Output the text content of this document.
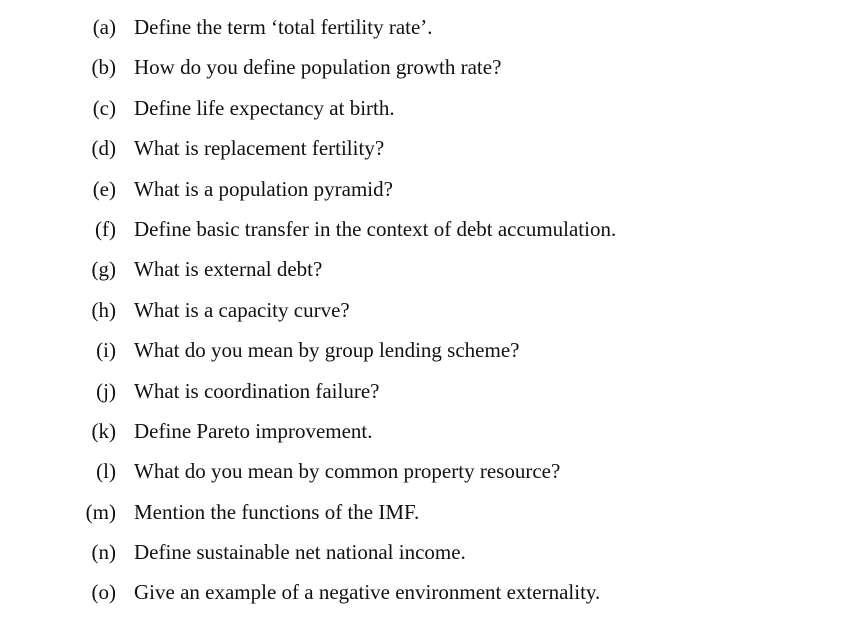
(a) Define the term ‘total fertility rate’.
(b) How do you define population growth rate?
(c) Define life expectancy at birth.
(d) What is replacement fertility?
(e) What is a population pyramid?
(f) Define basic transfer in the context of debt accumulation.
(g) What is external debt?
(h) What is a capacity curve?
(i) What do you mean by group lending scheme?
(j) What is coordination failure?
(k) Define Pareto improvement.
(l) What do you mean by common property resource?
(m) Mention the functions of the IMF.
(n) Define sustainable net national income.
(o) Give an example of a negative environment externality.
